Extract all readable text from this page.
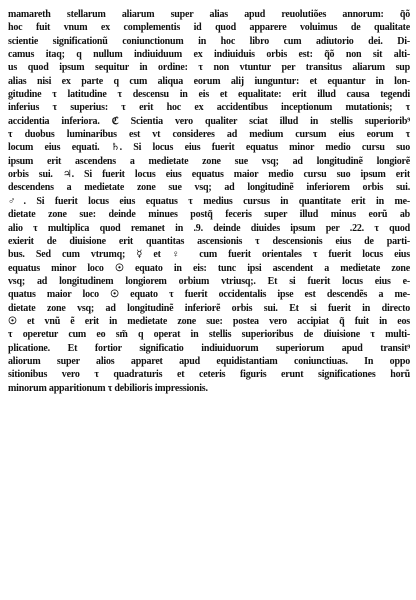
mamareth stellarum aliarum super alias apud reuolutiões annorum: q̃õ
hoc fuit vnum ex complementis id quod apparere voluimus de qualitate
scientie significationũ coniunctionum in hoc libro cum adiutorio dei. Di-
camus itaq; q nullum indiuiduum ex indiuiduis orbis est: q̃õ non sit alti-
us quod ipsum sequitur in ordine: τ non vtuntur per transitus aliarum sup
alias nisi ex parte q cum aliqua eorum alij iunguntur: et equantur in lon-
gitudine τ latitudine τ descensu in eis et equalitate: erit illud causa tegendi
inferius τ superius: τ erit hoc ex accidentibus inceptionum mutationis; τ
accidentia inferiora. ℭ Scientia vero qualiter sciat illud in stellis superiorib⁹
τ duobus luminaribus est vt consideres ad medium cursum eius eorum τ
locum eius equati. ♄. Si locus eius fuerit equatus minor medio cursu suo
ipsum erit ascendens a medietate zone sue vsq; ad longitudinẽ longiorẽ
orbis sui. ♃. Si fuerit locus eius equatus maior medio cursu suo ipsum erit
descendens a medietate zone sue vsq; ad longitudinẽ inferiorem orbis sui.
♂. Si fuerit locus eius equatus τ medius cursus in quantitate erit in me-
dietate zone sue: deinde minues postq̃ feceris super illud minus eorũ ab
alio τ multiplica quod remanet in .9. deinde diuides ipsum per .22. τ quod
exierit de diuisione erit quantitas ascensionis τ descensionis eius de parti-
bus. Sed cum vtrumq; ☿ et ♀ cum fuerit orientales τ fuerit locus eius
equatus minor loco ☉ equato in eis: tunc ipsi ascendent a medietate zone
vsq; ad longitudinem longiorem orbium vtriusq;. Et si fuerit locus eius e-
quatus maior loco ☉ equato τ fuerit occidentalis ipse est descendẽs a me-
dietate zone vsq; ad longitudinẽ inferiorẽ orbis sui. Et si fuerit in directo
☉ et vnũ ẽ erit in medietate zone sue: postea vero accipiat q̃ fuit in eos
τ operetur cum eo sm̃ q operat in stellis superioribus de diuisione τ multi-
plicatione. Et fortior significatio indiuiduorum superiorum apud transit⁹
aliorum super alios apparet apud equidistantiam coniunctiuas. In oppo
sitionibus vero τ quadraturis et ceteris figuris erunt significationes horũ
minorum apparitionum τ debilioris impressionis.
